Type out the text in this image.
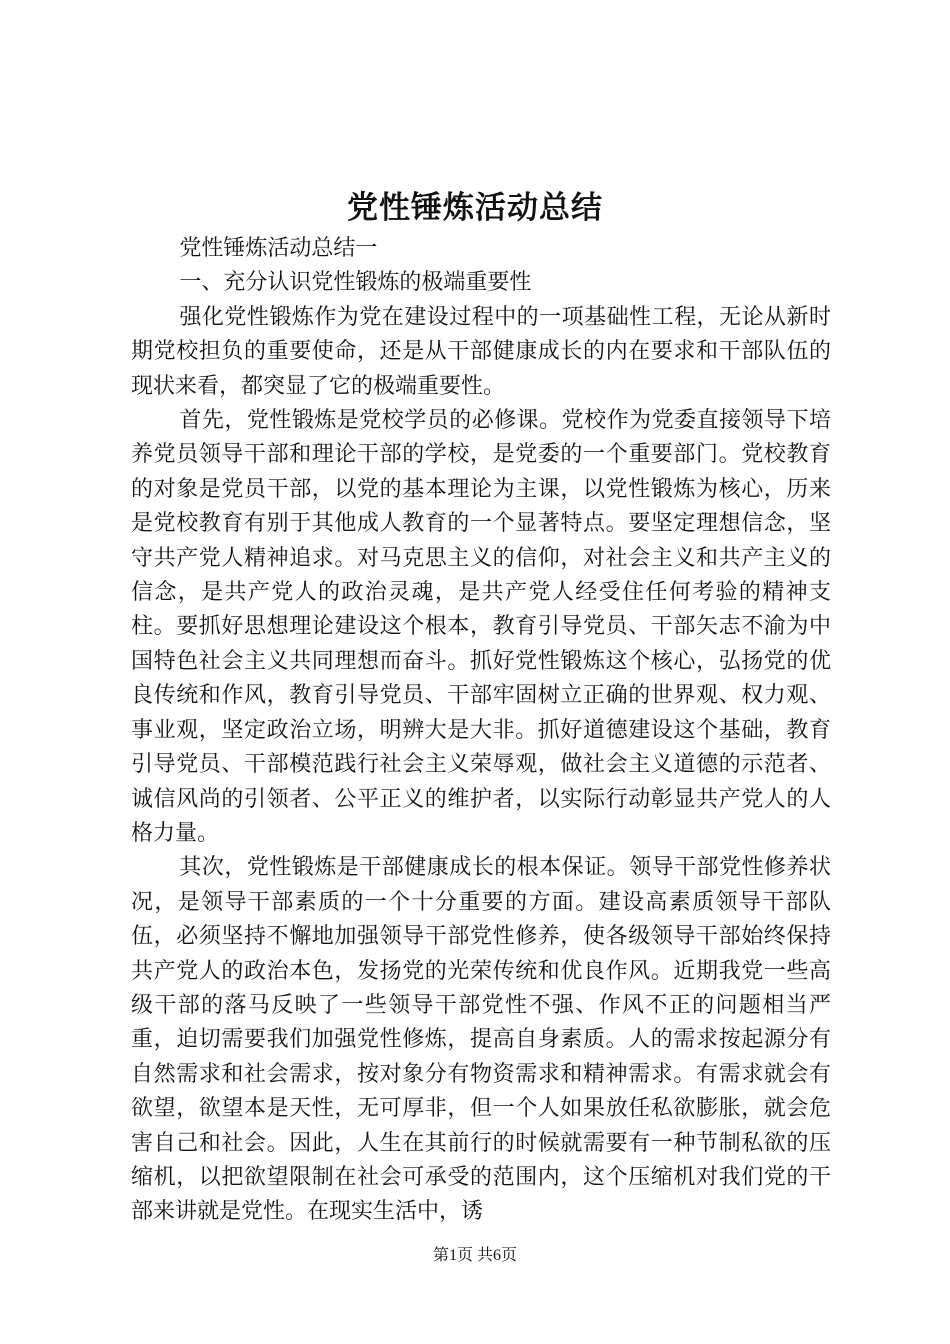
党性锤炼活动总结

党性锤炼活动总结一

一、充分认识党性锻炼的极端重要性

强化党性锻炼作为党在建设过程中的一项基础性工程，无论从新时期党校担负的重要使命，还是从干部健康成长的内在要求和干部队伍的现状来看，都突显了它的极端重要性。

首先，党性锻炼是党校学员的必修课。党校作为党委直接领导下培养党员领导干部和理论干部的学校，是党委的一个重要部门。党校教育的对象是党员干部，以党的基本理论为主课，以党性锻炼为核心，历来是党校教育有别于其他成人教育的一个显著特点。要坚定理想信念，坚守共产党人精神追求。对马克思主义的信仰，对社会主义和共产主义的信念，是共产党人的政治灵魂，是共产党人经受住任何考验的精神支柱。要抓好思想理论建设这个根本，教育引导党员、干部矢志不渝为中国特色社会主义共同理想而奋斗。抓好党性锻炼这个核心，弘扬党的优良传统和作风，教育引导党员、干部牢固树立正确的世界观、权力观、事业观，坚定政治立场，明辨大是大非。抓好道德建设这个基础，教育引导党员、干部模范践行社会主义荣辱观，做社会主义道德的示范者、诚信风尚的引领者、公平正义的维护者，以实际行动彰显共产党人的人格力量。

其次，党性锻炼是干部健康成长的根本保证。领导干部党性修养状况，是领导干部素质的一个十分重要的方面。建设高素质领导干部队伍，必须坚持不懈地加强领导干部党性修养，使各级领导干部始终保持共产党人的政治本色，发扬党的光荣传统和优良作风。近期我党一些高级干部的落马反映了一些领导干部党性不强、作风不正的问题相当严重，迫切需要我们加强党性修炼，提高自身素质。人的需求按起源分有自然需求和社会需求，按对象分有物资需求和精神需求。有需求就会有欲望，欲望本是天性，无可厚非，但一个人如果放任私欲膨胀，就会危害自己和社会。因此，人生在其前行的时候就需要有一种节制私欲的压缩机，以把欲望限制在社会可承受的范围内，这个压缩机对我们党的干部来讲就是党性。在现实生活中，诱

第1页 共6页
